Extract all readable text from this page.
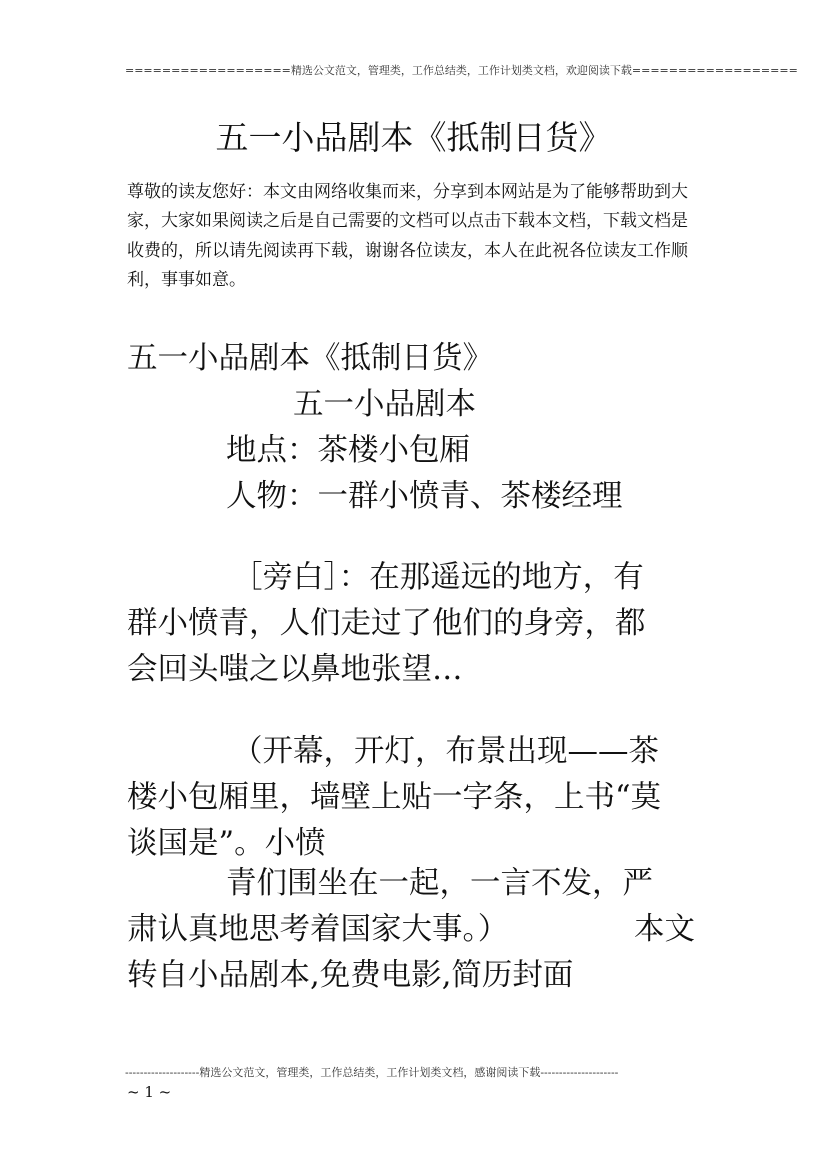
==================精选公文范文，管理类，工作总结类，工作计划类文档，欢迎阅读下载==================
五一小品剧本《抵制日货》
尊敬的读友您好：本文由网络收集而来，分享到本网站是为了能够帮助到大
家，大家如果阅读之后是自己需要的文档可以点击下载本文档，下载文档是
收费的，所以请先阅读再下载，谢谢各位读友，本人在此祝各位读友工作顺
利，事事如意。
五一小品剧本《抵制日货》
五一小品剧本
地点：茶楼小包厢
人物：一群小愤青、茶楼经理
［旁白］：在那遥远的地方，有
群小愤青，人们走过了他们的身旁，都
会回头嗤之以鼻地张望…
（开幕，开灯，布景出现——茶
楼小包厢里，墙壁上贴一字条，上书“莫
谈国是”。小愤
青们围坐在一起，一言不发，严
肃认真地思考着国家大事。）	本文
转自小品剧本,免费电影,简历封面
--------------------精选公文范文，管理类，工作总结类，工作计划类文档，感谢阅读下载---------------------
~ 1 ~
